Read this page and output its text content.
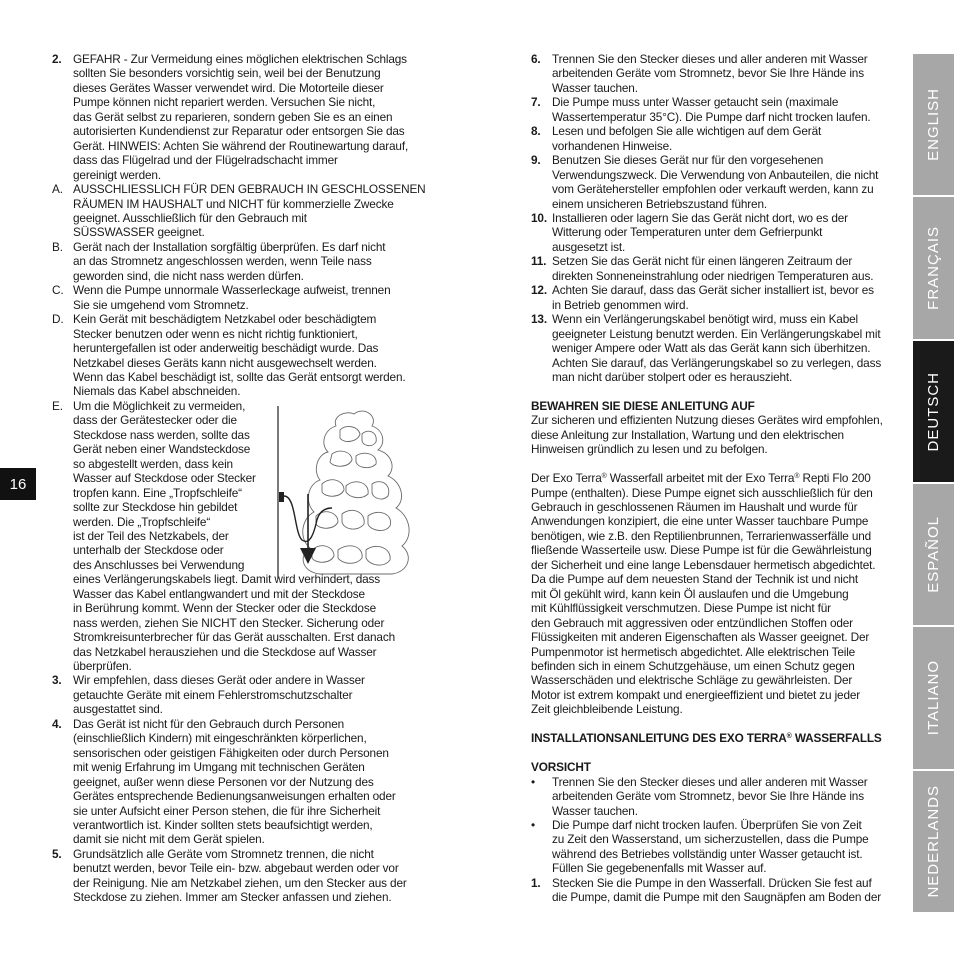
16
ENGLISH
FRANÇAIS
DEUTSCH
ESPAÑOL
ITALIANO
NEDERLANDS
2. GEFAHR - Zur Vermeidung eines möglichen elektrischen Schlags
sollten Sie besonders vorsichtig sein, weil bei der Benutzung
dieses Gerätes Wasser verwendet wird. Die Motorteile dieser
Pumpe können nicht repariert werden. Versuchen Sie nicht,
das Gerät selbst zu reparieren, sondern geben Sie es an einen
autorisierten Kundendienst zur Reparatur oder entsorgen Sie das
Gerät. HINWEIS: Achten Sie während der Routinewartung darauf,
dass das Flügelrad und der Flügelradschacht immer
gereinigt werden.
A. AUSSCHLIESSLICH FÜR DEN GEBRAUCH IN GESCHLOSSENEN
RÄUMEN IM HAUSHALT und NICHT für kommerzielle Zwecke
geeignet. Ausschließlich für den Gebrauch mit
SÜSSWASSER geeignet.
B. Gerät nach der Installation sorgfältig überprüfen. Es darf nicht
an das Stromnetz angeschlossen werden, wenn Teile nass
geworden sind, die nicht nass werden dürfen.
C. Wenn die Pumpe unnormale Wasserleckage aufweist, trennen
Sie sie umgehend vom Stromnetz.
D. Kein Gerät mit beschädigtem Netzkabel oder beschädigtem
Stecker benutzen oder wenn es nicht richtig funktioniert,
heruntergefallen ist oder anderweitig beschädigt wurde. Das
Netzkabel dieses Geräts kann nicht ausgewechselt werden.
Wenn das Kabel beschädigt ist, sollte das Gerät entsorgt werden.
Niemals das Kabel abschneiden.
E. Um die Möglichkeit zu vermeiden,
dass der Gerätestecker oder die
Steckdose nass werden, sollte das
Gerät neben einer Wandsteckdose
so abgestellt werden, dass kein
Wasser auf Steckdose oder Stecker
tropfen kann. Eine „Tropfschleife“
sollte zur Steckdose hin gebildet
werden. Die „Tropfschleife“
ist der Teil des Netzkabels, der
unterhalb der Steckdose oder
des Anschlusses bei Verwendung
eines Verlängerungskabels liegt. Damit wird verhindert, dass
Wasser das Kabel entlangwandert und mit der Steckdose
in Berührung kommt. Wenn der Stecker oder die Steckdose
nass werden, ziehen Sie NICHT den Stecker. Sicherung oder
Stromkreisunterbrecher für das Gerät ausschalten. Erst danach
das Netzkabel herausziehen und die Steckdose auf Wasser
überprüfen.
3. Wir empfehlen, dass dieses Gerät oder andere in Wasser
getauchte Geräte mit einem Fehlerstromschutzschalter
ausgestattet sind.
4. Das Gerät ist nicht für den Gebrauch durch Personen
(einschließlich Kindern) mit eingeschränkten körperlichen,
sensorischen oder geistigen Fähigkeiten oder durch Personen
mit wenig Erfahrung im Umgang mit technischen Geräten
geeignet, außer wenn diese Personen vor der Nutzung des
Gerätes entsprechende Bedienungsanweisungen erhalten oder
sie unter Aufsicht einer Person stehen, die für ihre Sicherheit
verantwortlich ist. Kinder sollten stets beaufsichtigt werden,
damit sie nicht mit dem Gerät spielen.
5. Grundsätzlich alle Geräte vom Stromnetz trennen, die nicht
benutzt werden, bevor Teile ein- bzw. abgebaut werden oder vor
der Reinigung. Nie am Netzkabel ziehen, um den Stecker aus der
Steckdose zu ziehen. Immer am Stecker anfassen und ziehen.
6. Trennen Sie den Stecker dieses und aller anderen mit Wasser
arbeitenden Geräte vom Stromnetz, bevor Sie Ihre Hände ins
Wasser tauchen.
7. Die Pumpe muss unter Wasser getaucht sein (maximale
Wassertemperatur 35°C). Die Pumpe darf nicht trocken laufen.
8. Lesen und befolgen Sie alle wichtigen auf dem Gerät
vorhandenen Hinweise.
9. Benutzen Sie dieses Gerät nur für den vorgesehenen
Verwendungszweck. Die Verwendung von Anbauteilen, die nicht
vom Gerätehersteller empfohlen oder verkauft werden, kann zu
einem unsicheren Betriebszustand führen.
10. Installieren oder lagern Sie das Gerät nicht dort, wo es der
Witterung oder Temperaturen unter dem Gefrierpunkt
ausgesetzt ist.
11. Setzen Sie das Gerät nicht für einen längeren Zeitraum der
direkten Sonneneinstrahlung oder niedrigen Temperaturen aus.
12. Achten Sie darauf, dass das Gerät sicher installiert ist, bevor es
in Betrieb genommen wird.
13. Wenn ein Verlängerungskabel benötigt wird, muss ein Kabel
geeigneter Leistung benutzt werden. Ein Verlängerungskabel mit
weniger Ampere oder Watt als das Gerät kann sich überhitzen.
Achten Sie darauf, das Verlängerungskabel so zu verlegen, dass
man nicht darüber stolpert oder es herauszieht.
BEWAHREN SIE DIESE ANLEITUNG AUF
Zur sicheren und effizienten Nutzung dieses Gerätes wird empfohlen,
diese Anleitung zur Installation, Wartung und den elektrischen
Hinweisen gründlich zu lesen und zu befolgen.
Der Exo Terra® Wasserfall arbeitet mit der Exo Terra® Repti Flo 200
Pumpe (enthalten). Diese Pumpe eignet sich ausschließlich für den
Gebrauch in geschlossenen Räumen im Haushalt und wurde für
Anwendungen konzipiert, die eine unter Wasser tauchbare Pumpe
benötigen, wie z.B. den Reptilienbrunnen, Terrarienwasserfälle und
fließende Wasserteile usw. Diese Pumpe ist für die Gewährleistung
der Sicherheit und eine lange Lebensdauer hermetisch abgedichtet.
Da die Pumpe auf dem neuesten Stand der Technik ist und nicht
mit Öl gekühlt wird, kann kein Öl auslaufen und die Umgebung
mit Kühlflüssigkeit verschmutzen. Diese Pumpe ist nicht für
den Gebrauch mit aggressiven oder entzündlichen Stoffen oder
Flüssigkeiten mit anderen Eigenschaften als Wasser geeignet. Der
Pumpenmotor ist hermetisch abgedichtet. Alle elektrischen Teile
befinden sich in einem Schutzgehäuse, um einen Schutz gegen
Wasserschäden und elektrische Schläge zu gewährleisten. Der
Motor ist extrem kompakt und energieeffizient und bietet zu jeder
Zeit gleichbleibende Leistung.
INSTALLATIONSANLEITUNG DES EXO TERRA® WASSERFALLS
VORSICHT
•	Trennen Sie den Stecker dieses und aller anderen mit Wasser
arbeitenden Geräte vom Stromnetz, bevor Sie Ihre Hände ins
Wasser tauchen.
•	Die Pumpe darf nicht trocken laufen. Überprüfen Sie von Zeit
zu Zeit den Wasserstand, um sicherzustellen, dass die Pumpe
während des Betriebes vollständig unter Wasser getaucht ist.
Füllen Sie gegebenenfalls mit Wasser auf.
1. Stecken Sie die Pumpe in den Wasserfall. Drücken Sie fest auf
die Pumpe, damit die Pumpe mit den Saugnäpfen am Boden der
